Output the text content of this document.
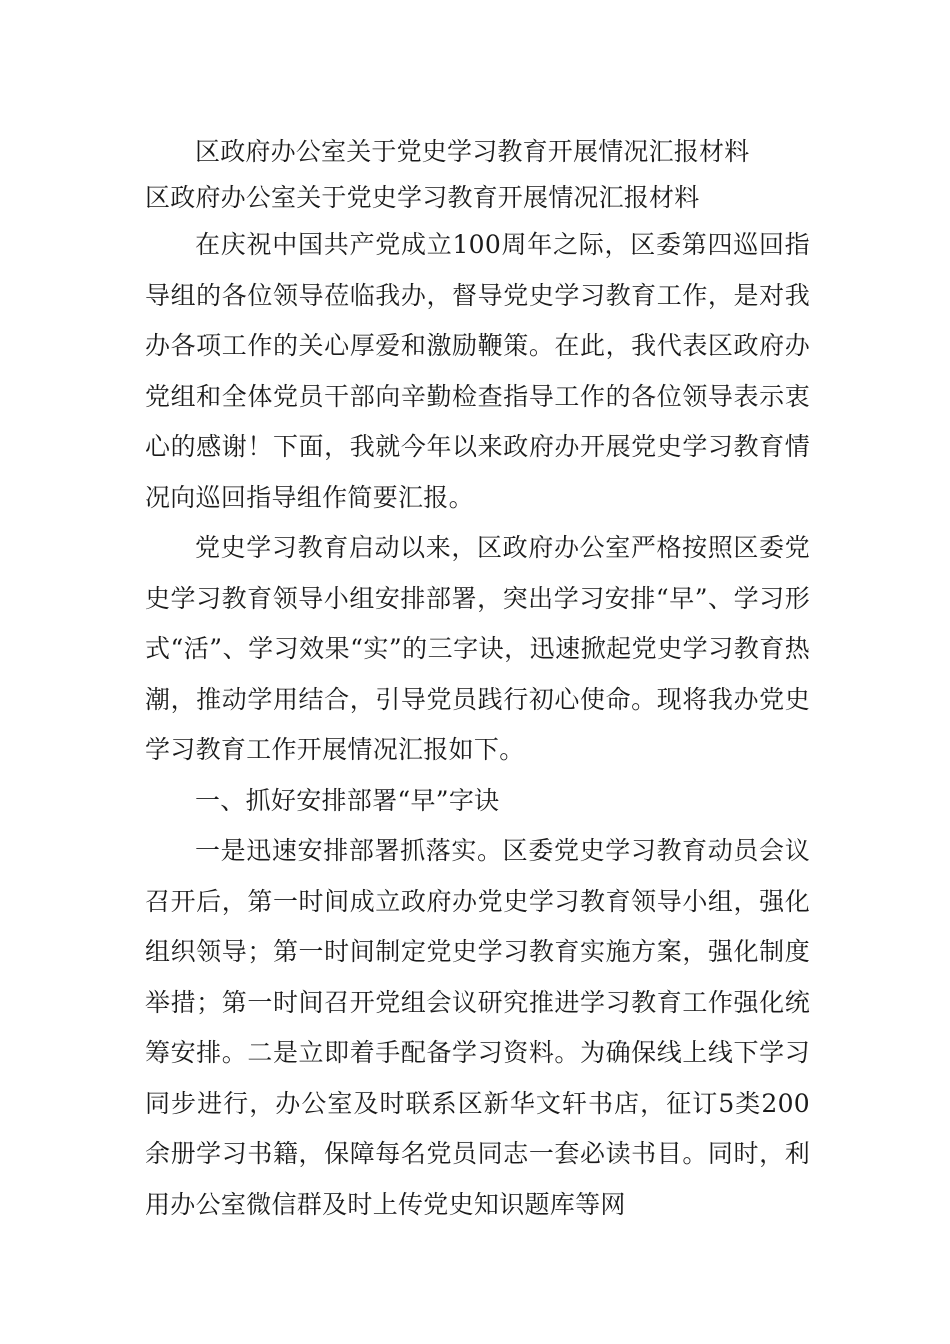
区政府办公室关于党史学习教育开展情况汇报材料
区政府办公室关于党史学习教育开展情况汇报材料

在庆祝中国共产党成立100周年之际，区委第四巡回指导组的各位领导莅临我办，督导党史学习教育工作，是对我办各项工作的关心厚爱和激励鞭策。在此，我代表区政府办党组和全体党员干部向辛勤检查指导工作的各位领导表示衷心的感谢！下面，我就今年以来政府办开展党史学习教育情况向巡回指导组作简要汇报。

党史学习教育启动以来，区政府办公室严格按照区委党史学习教育领导小组安排部署，突出学习安排“早”、学习形式“活”、学习效果“实”的三字诀，迅速掀起党史学习教育热潮，推动学用结合，引导党员践行初心使命。现将我办党史学习教育工作开展情况汇报如下。

一、抓好安排部署“早”字诀

一是迅速安排部署抓落实。区委党史学习教育动员会议召开后，第一时间成立政府办党史学习教育领导小组，强化组织领导；第一时间制定党史学习教育实施方案，强化制度举措；第一时间召开党组会议研究推进学习教育工作强化统筹安排。二是立即着手配备学习资料。为确保线上线下学习同步进行，办公室及时联系区新华文轩书店，征订5类200余册学习书籍，保障每名党员同志一套必读书目。同时，利用办公室微信群及时上传党史知识题库等网
